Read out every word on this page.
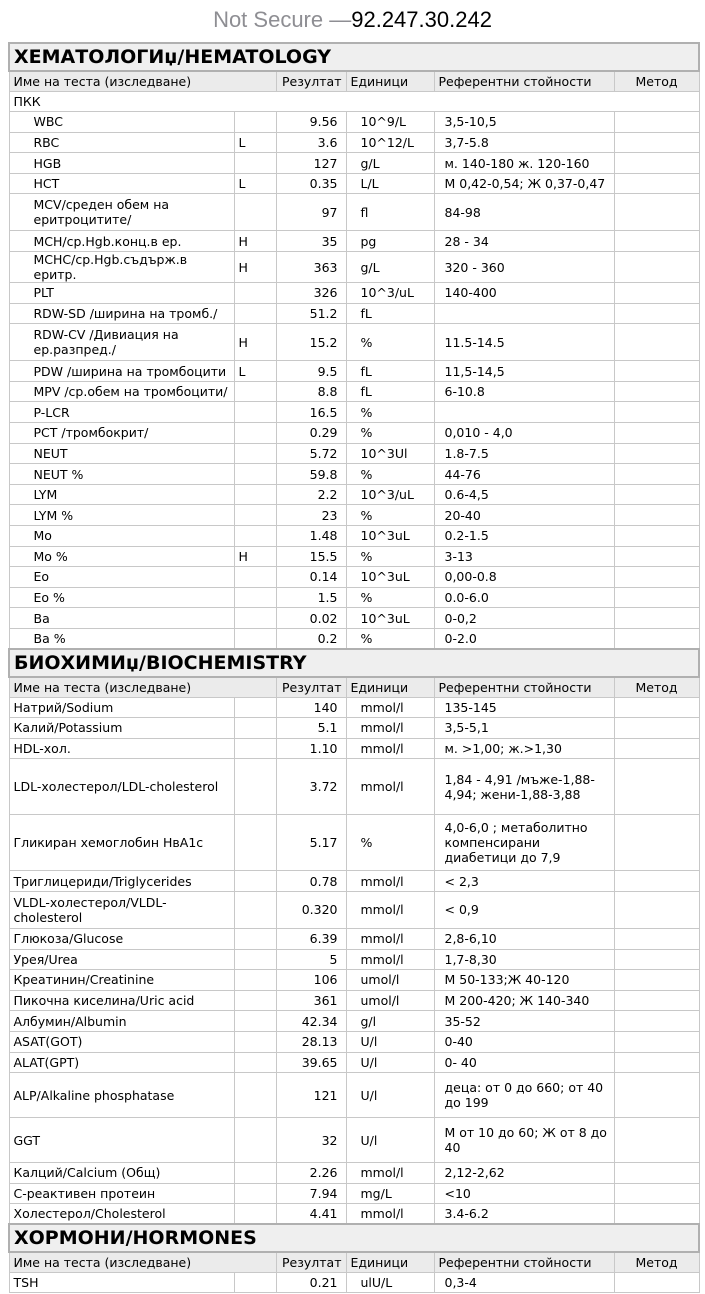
Not Secure — 92.247.30.242
ХЕМАТОЛОГИџ/HEMATOLOGY					
Име на теста (изследване)		Резултат	Единици	Референтни стойности	Метод
ПКК					
WBC		9.56	10^9/L	3,5-10,5	
RBC	L	3.6	10^12/L	3,7-5.8	
HGB		127	g/L	м. 140-180 ж. 120-160	
HCT	L	0.35	L/L	М 0,42-0,54; Ж 0,37-0,47	
MCV/среден обем на еритроцитите/		97	fl	84-98	
MCH/ср.Hgb.конц.в ер.	H	35	pg	28 - 34	
MCHC/ср.Hgb.съдърж.в еритр.	H	363	g/L	320 - 360	
PLT		326	10^3/uL	140-400	
RDW-SD /ширина на тромб./		51.2	fL		
RDW-CV /Дивиация на ер.разпред./	H	15.2	%	11.5-14.5	
PDW /ширина на тромбоцити	L	9.5	fL	11,5-14,5	
MPV /ср.обем на тромбоцити/		8.8	fL	6-10.8	
P-LCR		16.5	%		
PCT /тромбокрит/		0.29	%	0,010 - 4,0	
NEUT		5.72	10^3Ul	1.8-7.5	
NEUT %		59.8	%	44-76	
LYM		2.2	10^3/uL	0.6-4,5	
LYM %		23	%	20-40	
Mo		1.48	10^3uL	0.2-1.5	
Mo %	H	15.5	%	3-13	
Eo		0.14	10^3uL	0,00-0.8	
Eo %		1.5	%	0.0-6.0	
Ba		0.02	10^3uL	0-0,2	
Ba %		0.2	%	0-2.0	
БИОХИМИџ/BIOCHEMISTRY					
Име на теста (изследване)		Резултат	Единици	Референтни стойности	Метод
Натрий/Sodium		140	mmol/l	135-145	
Калий/Potassium		5.1	mmol/l	3,5-5,1	
HDL-хол.		1.10	mmol/l	м. >1,00; ж.>1,30	
LDL-холестерол/LDL-cholesterol		3.72	mmol/l	1,84 - 4,91 /мъже-1,88-4,94; жени-1,88-3,88	
Гликиран хемоглобин НвА1с		5.17	%	4,0-6,0 ; метаболитно компенсирани диабетици до 7,9	
Триглицериди/Triglycerides		0.78	mmol/l	< 2,3	
VLDL-холестерол/VLDL-cholesterol		0.320	mmol/l	< 0,9	
Глюкоза/Glucose		6.39	mmol/l	2,8-6,10	
Урея/Urea		5	mmol/l	1,7-8,30	
Креатинин/Creatinine		106	umol/l	М 50-133;Ж 40-120	
Пикочна киселина/Uric acid		361	umol/l	М 200-420; Ж 140-340	
Албумин/Albumin		42.34	g/l	35-52	
ASAT(GOT)		28.13	U/l	0-40	
ALAT(GPT)		39.65	U/l	0- 40	
ALP/Alkaline phosphatase		121	U/l	деца: от 0 до 660; от 40 до 199	
GGT		32	U/l	М от 10 до 60; Ж от 8 до 40	
Калций/Calcium (Общ)		2.26	mmol/l	2,12-2,62	
С-реактивен протеин		7.94	mg/L	<10	
Холестерол/Cholesterol		4.41	mmol/l	3.4-6.2	
ХОРМОНИ/HORMONES					
Име на теста (изследване)		Резултат	Единици	Референтни стойности	Метод
TSH		0.21	ulU/L	0,3-4	
